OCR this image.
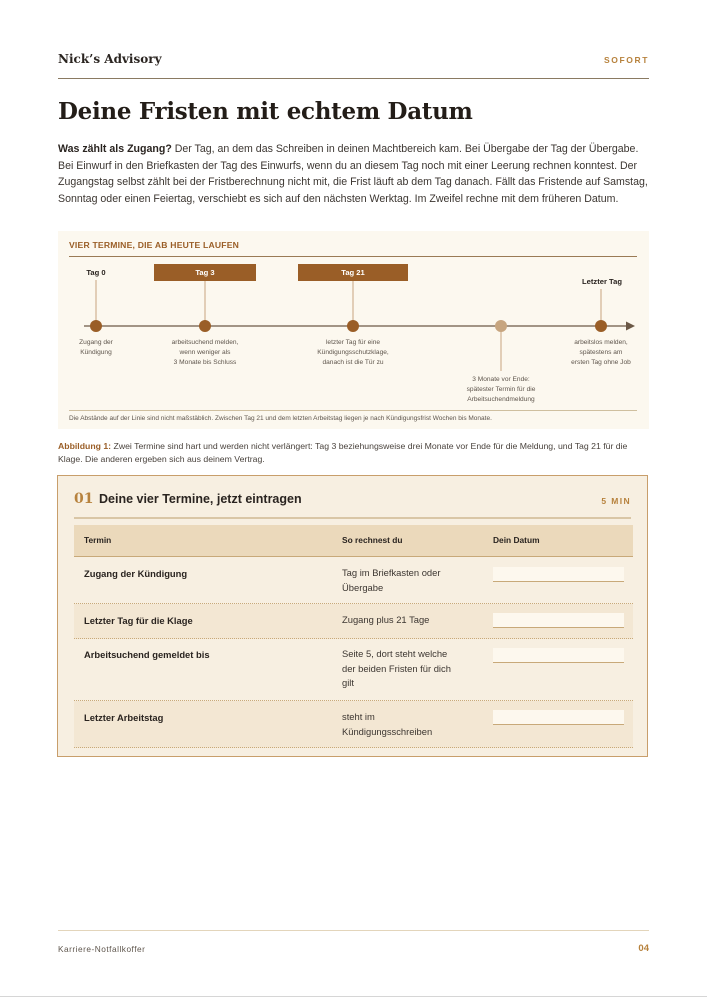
Nick’s Advisory	SOFORT
Deine Fristen mit echtem Datum

Was zählt als Zugang? Der Tag, an dem das Schreiben in deinen Machtbereich kam. Bei Übergabe der Tag der Übergabe. Bei Einwurf in den Briefkasten der Tag des Einwurfs, wenn du an diesem Tag noch mit einer Leerung rechnen konntest. Der Zugangstag selbst zählt bei der Fristberechnung nicht mit, die Frist läuft ab dem Tag danach. Fällt das Fristende auf Samstag, Sonntag oder einen Feiertag, verschiebt es sich auf den nächsten Werktag. Im Zweifel rechne mit dem früheren Datum.

VIER TERMINE, DIE AB HEUTE LAUFEN
Tag 0	Tag 3	Tag 21
Letzter Tag
Zugang der
Kündigung
arbeitsuchend melden,
wenn weniger als
3 Monate bis Schluss
letzter Tag für eine
Kündigungsschutzklage,
danach ist die Tür zu
3 Monate vor Ende:
spätester Termin für die
Arbeitsuchendmeldung
arbeitslos melden,
spätestens am
ersten Tag ohne Job
Die Abstände auf der Linie sind nicht maßstäblich. Zwischen Tag 21 und dem letzten Arbeitstag liegen je nach Kündigungsfrist Wochen bis Monate.

Abbildung 1: Zwei Termine sind hart und werden nicht verlängert: Tag 3 beziehungsweise drei Monate vor Ende für die Meldung, und Tag 21 für die Klage. Die anderen ergeben sich aus deinem Vertrag.

01 Deine vier Termine, jetzt eintragen	5 MIN
Termin	So rechnest du	Dein Datum
Zugang der Kündigung	Tag im Briefkasten oder
Übergabe
Letzter Tag für die Klage	Zugang plus 21 Tage
Arbeitsuchend gemeldet bis	Seite 5, dort steht welche
der beiden Fristen für dich
gilt
Letzter Arbeitstag	steht im
Kündigungsschreiben
Karriere-Notfallkoffer	04
